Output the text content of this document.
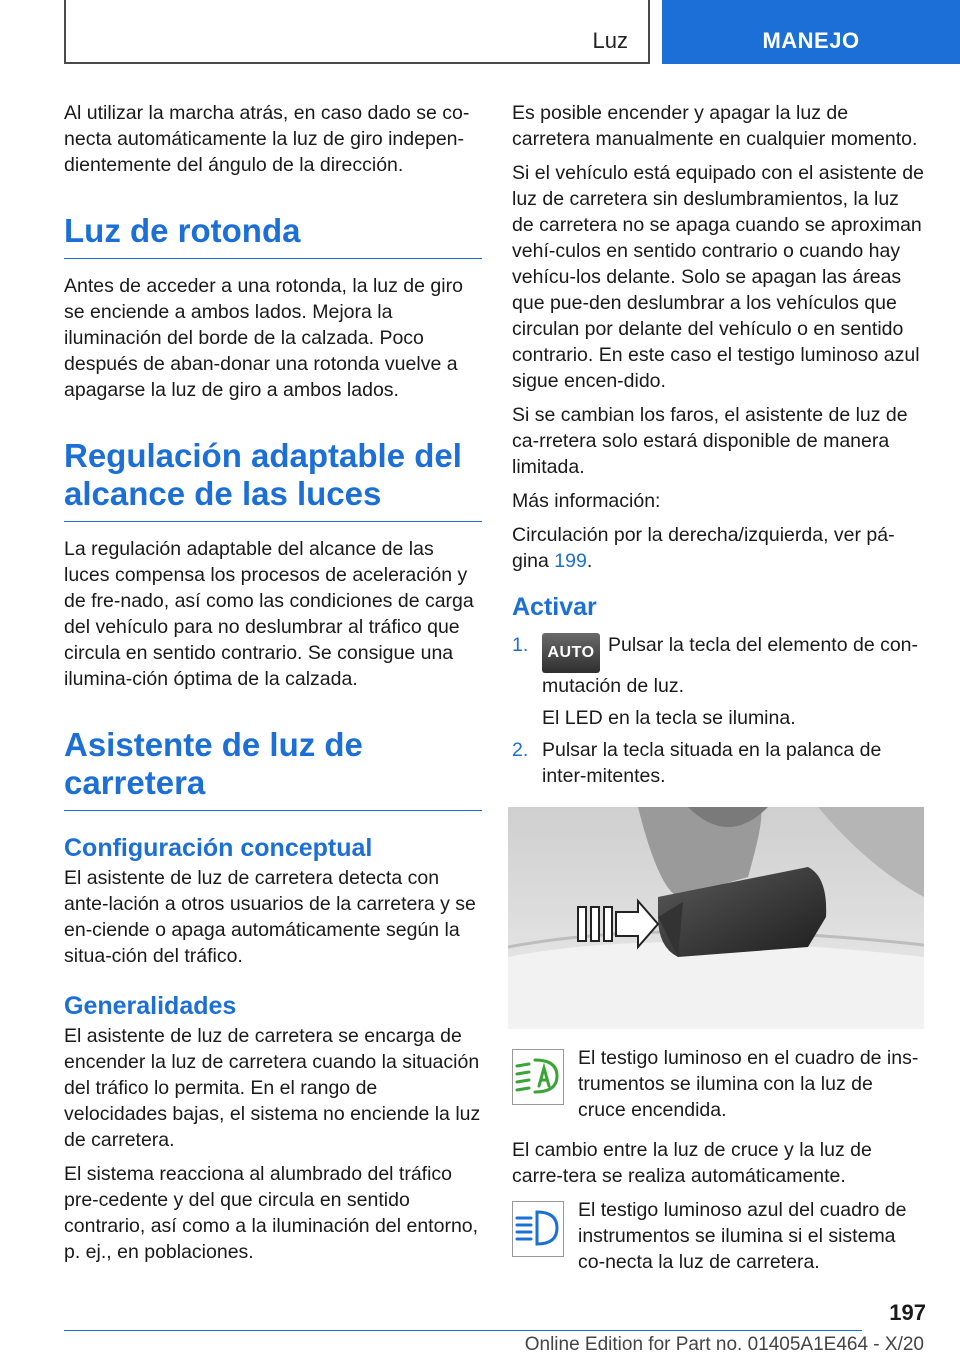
Luz	MANEJO

Al utilizar la marcha atrás, en caso dado se co-necta automáticamente la luz de giro indepen-dientemente del ángulo de la dirección.

Luz de rotonda

Antes de acceder a una rotonda, la luz de giro se enciende a ambos lados. Mejora la iluminación del borde de la calzada. Poco después de aban-donar una rotonda vuelve a apagarse la luz de giro a ambos lados.

Regulación adaptable del alcance de las luces

La regulación adaptable del alcance de las luces compensa los procesos de aceleración y de fre-nado, así como las condiciones de carga del vehículo para no deslumbrar al tráfico que circula en sentido contrario. Se consigue una ilumina-ción óptima de la calzada.

Asistente de luz de carretera
Configuración conceptual

El asistente de luz de carretera detecta con ante-lación a otros usuarios de la carretera y se en-ciende o apaga automáticamente según la situa-ción del tráfico.

Generalidades

El asistente de luz de carretera se encarga de encender la luz de carretera cuando la situación del tráfico lo permita. En el rango de velocidades bajas, el sistema no enciende la luz de carretera.

El sistema reacciona al alumbrado del tráfico pre-cedente y del que circula en sentido contrario, así como a la iluminación del entorno, p. ej., en poblaciones.

Es posible encender y apagar la luz de carretera manualmente en cualquier momento.

Si el vehículo está equipado con el asistente de luz de carretera sin deslumbramientos, la luz de carretera no se apaga cuando se aproximan vehí-culos en sentido contrario o cuando hay vehícu-los delante. Solo se apagan las áreas que pue-den deslumbrar a los vehículos que circulan por delante del vehículo o en sentido contrario. En este caso el testigo luminoso azul sigue encen-dido.

Si se cambian los faros, el asistente de luz de ca-rretera solo estará disponible de manera limitada.

Más información:

Circulación por la derecha/izquierda, ver pá-gina 199.

Activar
1. AUTO Pulsar la tecla del elemento de con-mutación de luz.

El LED en la tecla se ilumina.

2. Pulsar la tecla situada en la palanca de inter-mitentes.

El testigo luminoso en el cuadro de ins-trumentos se ilumina con la luz de cruce encendida.

El cambio entre la luz de cruce y la luz de carre-tera se realiza automáticamente.

El testigo luminoso azul del cuadro de instrumentos se ilumina si el sistema co-necta la luz de carretera.

197
Online Edition for Part no. 01405A1E464 - X/20
